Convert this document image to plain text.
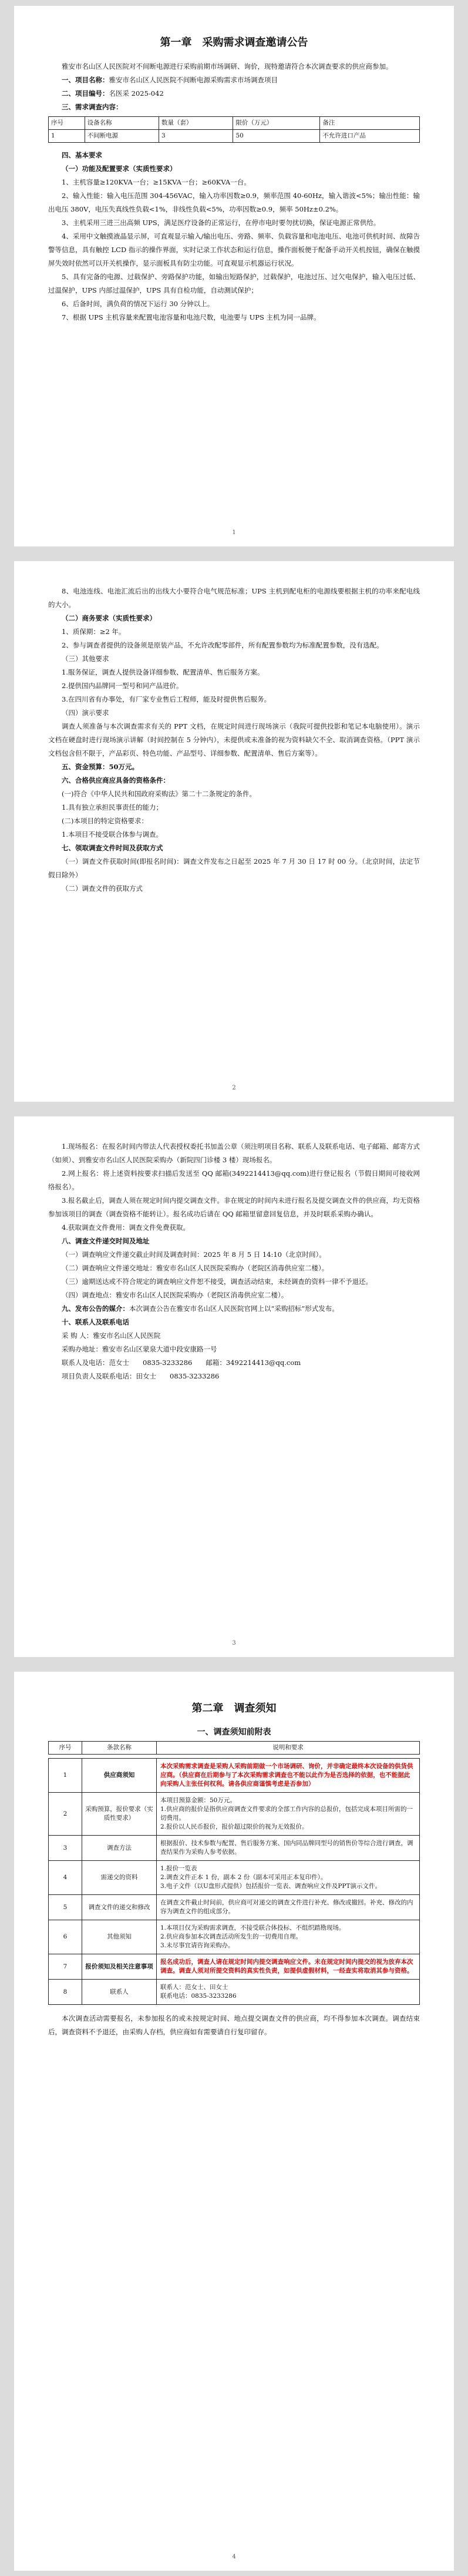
第一章　采购需求调查邀请公告

雅安市名山区人民医院对不间断电源进行采购前期市场调研、询价，现特邀请符合本次调查要求的供应商参加。

一、项目名称：雅安市名山区人民医院不间断电源采购需求市场调查项目

二、项目编号：名医采 2025-042

三、需求调查内容：

序号	设备名称	数量（套）	限价（万元）	备注
1	不间断电源	3	50	不允许进口产品

四、基本要求

（一）功能及配置要求（实质性要求）

1、主机容量≥120KVA一台；≥15KVA一台；≥60KVA一台。

2、输入性能：输入电压范围 304-456VAC，输入功率因数≥0.9，频率范围 40-60Hz，输入谐波<5%；输出性能：输出电压 380V，电压失真线性负载<1%，非线性负载<5%，功率因数≥0.9，频率 50Hz±0.2%。

3、主机采用三进三出高频 UPS，满足医疗设备的正常运行，在停市电时要勿扰切换，保证电源正常供给。

4、采用中文触摸液晶显示屏，可直观显示输入/输出电压、旁路、频率、负载容量和电池电压、电池可供机时间、故障告警等信息，具有触控 LCD 指示的操作界面，实时记录工作状态和运行信息，操作面板便于配备手动开关机按钮，确保在触摸屏失效时依然可以开关机操作，显示面板具有防尘功能。可直观显示机器运行状况。

5、具有完备的电源、过载保护、旁路保护功能，如输出短路保护，过载保护，电池过压、过欠电保护，输入电压过低、过温保护，UPS 内部过温保护，UPS 具有自检功能，自动测试保护；

6、后备时间，满负荷的情况下运行 30 分钟以上。

7、根据 UPS 主机容量来配置电池容量和电池尺数，电池要与 UPS 主机为同一品牌。

1

8、电池连线、电池汇流后出的出线大小要符合电气规范标准；UPS 主机到配电柜的电源线要根据主机的功率来配电线的大小。

（二）商务要求（实质性要求）

1、质保期：≥2 年。

2、参与调查者提供的设备须是原装产品，不允许改配零部件，所有配置参数均为标准配置参数，没有选配。

（三）其他要求

1.服务保证，调查人提供设备详细参数、配置清单、售后服务方案。

2.提供国内品牌同一型号和同产品进价。

3.在四川省有办事处，有厂家专业售后工程师，能及时提供售后服务。

（四）演示要求

调查人须准备与本次调查需求有关的 PPT 文档，在规定时间进行现场演示（我院可提供投影和笔记本电脑使用）。演示文档在硬盘时进行现场演示讲解（时间控制在 5 分钟内），未提供或未准备的视为资料缺欠不全、取消调查资格。（PPT 演示文档包含但不限于，产品彩页、特色功能、产品型号、详细参数、配置清单、售后方案等）。

五、资金预算：50万元。

六、合格供应商应具备的资格条件：

(一)符合《中华人民共和国政府采购法》第二十二条规定的条件。

1.具有独立承担民事责任的能力；

(二)本项目的特定资格要求：

1.本项目不接受联合体参与调查。

七、领取调查文件时间及获取方式

（一）调查文件获取时间(即报名时间)：调查文件发布之日起至 2025 年 7 月 30 日 17 时 00 分。（北京时间，法定节假日除外）

（二）调查文件的获取方式

2

1.现场报名：在报名时间内带法人代表授权委托书加盖公章（须注明项目名称、联系人及联系电话、电子邮箱、邮寄方式（如须）、到雅安市名山区人民医院采购办（新院四门诊楼 3 楼）现场报名。

2.网上报名：将上述资料按要求扫描后发送至 QQ 邮箱(3492214413@qq.com)进行登记报名（节假日期间可接收网络报名）。

3.报名截止后，调查人须在规定时间内提交调查文件。非在规定的时间内未进行报名及提交调查文件的供应商，均无资格参加该项目的调查（调查资格不能转让）。报名成功后请在 QQ 邮箱里留意回复信息，并及时联系采购办确认。

4.获取调查文件费用：调查文件免费获取。

八、调查文件递交时间及地址

（一）调查响应文件递交截止时间及调查时间：2025 年 8 月 5 日 14:10（北京时间）。

（二）调查响应文件递交地址：雅安市名山区人民医院采购办（老院区消毒供应室二楼）。

（三）逾期送达或不符合规定的调查响应文件恕不接受，调查活动结束，未经调查的资料一律不予退还。

（四）调查地点：雅安市名山区人民医院采购办（老院区消毒供应室二楼）。

九、发布公告的媒介：本次调查公告在雅安市名山区人民医院官网上以“采购招标”形式发布。

十、联系人及联系电话

采 购 人：雅安市名山区人民医院

采购办地址：雅安市名山区蒙泉大道中段安康路一号

联系人及电话：范女士　　0835-3233286　　邮箱：3492214413@qq.com

项目负责人及联系电话：田女士　　0835-3233286

3
第二章　调查须知
一、调查须知前附表
序号	条款名称	说明和要求
1	供应商须知	本次采购需求调查是采购人采购前期做一个市场调研、询价，并非确定最终本次设备的供货供应商。（供应商在后期参与了本次采购需求调查也不能以此作为是否选择的依据，也不能据此向采购人主张任何权利。请各供应商谨慎考虑是否参加）
2	采购预算，报价要求（实质性要求）	本项目预算金额：50万元。
1.供应商的报价是指供应商调查文件要求的全部工作内容的总报价，包括完成本项目所需的一切费用。
2.报价以人民币报价，报价超过限价的视为无效报价。
3	调查方法	根据报价、技术参数与配置、售后服务方案、国内同品牌同型号的销售价等综合进行调查，调查结果作为采购人参考依据。
4	需递交的资料	1.报价一览表
2.调查文件正本 1 份，副本 2 份（副本可采用正本复印件）。
3.电子文件（以U盘形式提供）包括报价一览表、调查响应文件及PPT演示文件。
5	调查文件的递交和修改	在调查文件截止时间前，供应商可对递交的调查文件进行补充、修改或撤回。补充、修改的内容为调查文件的组成部分。
6	其他须知	1.本项目仅为采购需求调查，不接受联合体投标、不组织踏勘现场。
2.供应商参加本次调查活动所发生的一切费用自理。
3.未尽事宜请咨询采购办。
7	报价须知及相关注意事项	报名成功后，调查人请在规定时间内提交调查响应文件。未在规定时间内提交的视为放弃本次调查。调查人须对所提交资料的真实性负责，如提供虚假材料，一经查实将取消其参与资格。
8	联系人	联系人：范女士、田女士
联系电话：0835-3233286

本次调查活动需要报名，未参加报名的或未按规定时间、地点提交调查文件的供应商，均不得参加本次调查。调查结束后，调查资料不予退还，由采购人存档，供应商如有需要请自行复印留存。

4
